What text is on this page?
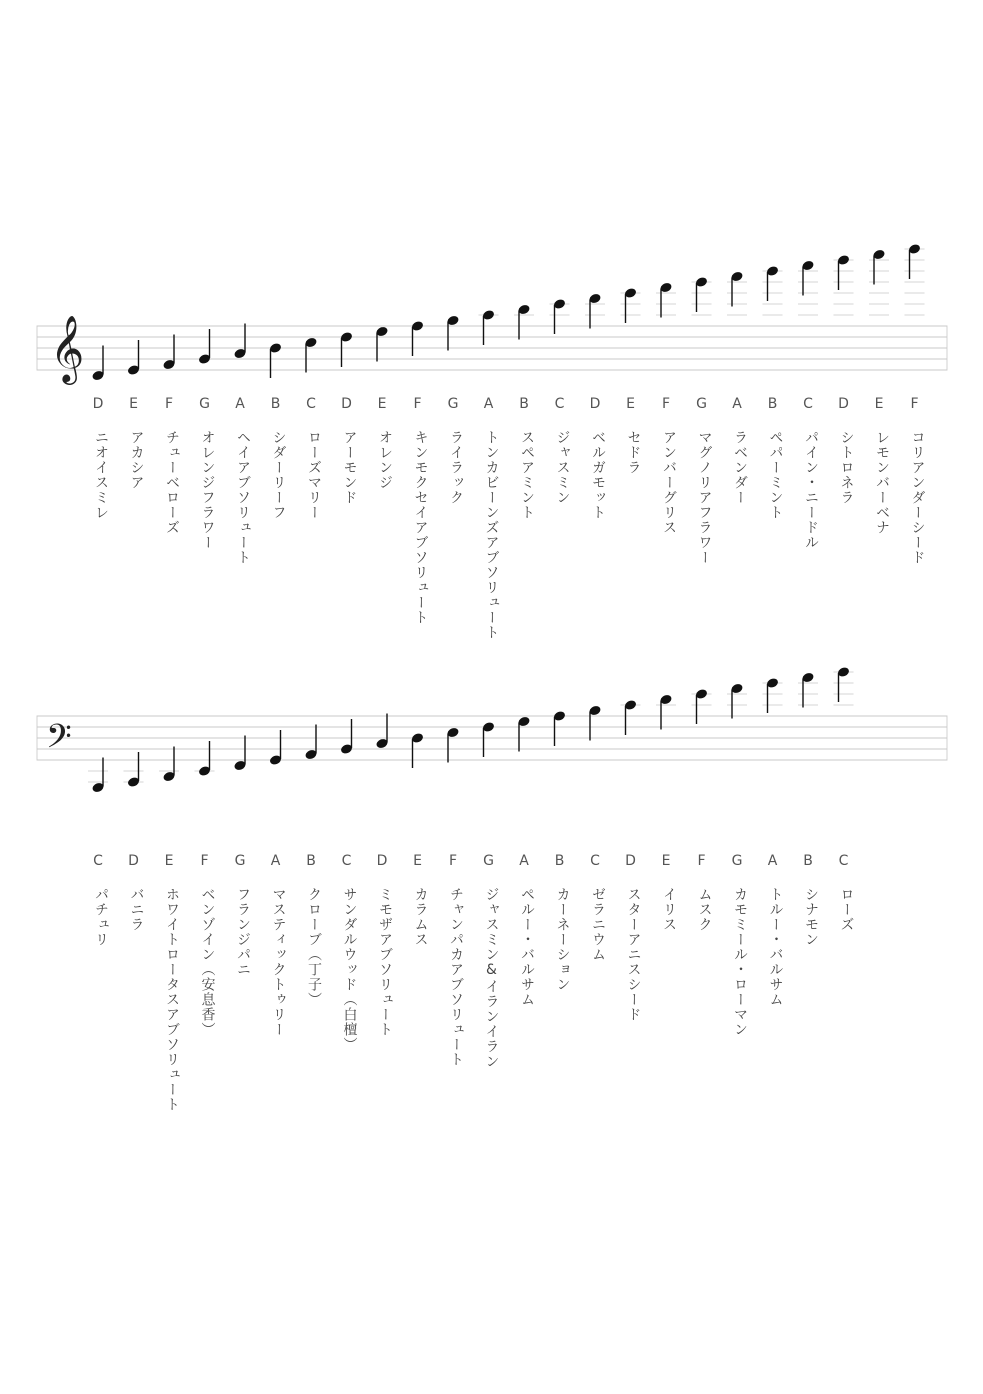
𝄞
𝄢
D
ニオイスミレ
E
アカシア
F
チューベローズ
G
オレンジフラワー
A
ヘイアブソリュート
B
シダーリーフ
C
ローズマリー
D
アーモンド
E
オレンジ
F
キンモクセイアブソリュート
G
ライラック
A
トンカビーンズアブソリュート
B
スペアミント
C
ジャスミン
D
ベルガモット
E
セドラ
F
アンバーグリス
G
マグノリアフラワー
A
ラベンダー
B
ペパーミント
C
パイン・ニードル
D
シトロネラ
E
レモンバーベナ
F
コリアンダーシード
C
パチュリ
D
バニラ
E
ホワイトロータスアブソリュート
F
ベンゾイン（安息香）
G
フランジパニ
A
マスティックトゥリー
B
クローブ（丁子）
C
サンダルウッド（白檀）
D
ミモザアブソリュート
E
カラムス
F
チャンパカアブソリュート
G
ジャスミン&イランイラン
A
ペルー・バルサム
B
カーネーション
C
ゼラニウム
D
スターアニスシード
E
イリス
F
ムスク
G
カモミール・ローマン
A
トルー・バルサム
B
シナモン
C
ローズ
